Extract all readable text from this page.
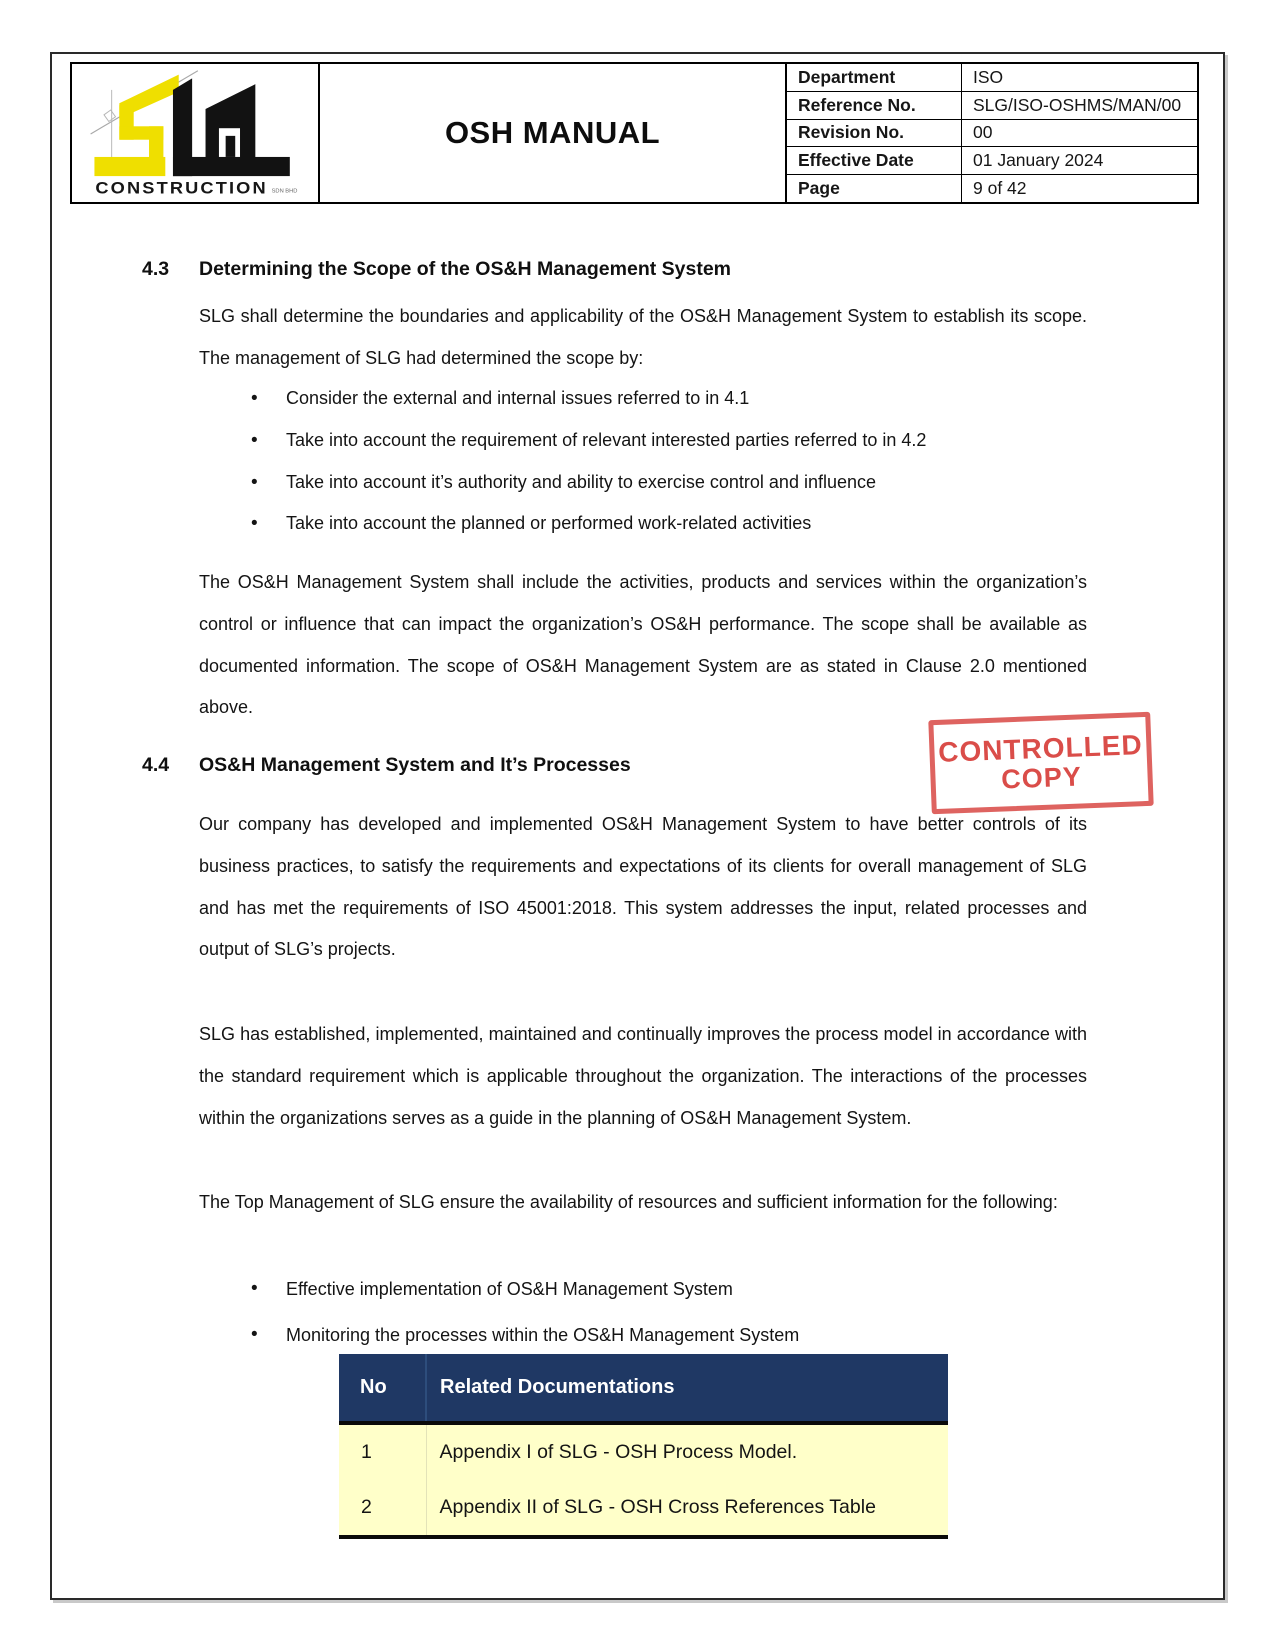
CONSTRUCTION SDN BHD
OSH MANUAL
Department	ISO
Reference No.	SLG/ISO-OSHMS/MAN/00
Revision No.	00
Effective Date	01 January 2024
Page	9 of 42
4.3	Determining the Scope of the OS&H Management System
SLG shall determine the boundaries and applicability of the OS&H Management System to establish its scope. The management of SLG had determined the scope by:
• Consider the external and internal issues referred to in 4.1
• Take into account the requirement of relevant interested parties referred to in 4.2
• Take into account it’s authority and ability to exercise control and influence
• Take into account the planned or performed work-related activities
The OS&H Management System shall include the activities, products and services within the organization’s control or influence that can impact the organization’s OS&H performance. The scope shall be available as documented information. The scope of OS&H Management System are as stated in Clause 2.0 mentioned above.
CONTROLLED
COPY
4.4	OS&H Management System and It’s Processes
Our company has developed and implemented OS&H Management System to have better controls of its business practices, to satisfy the requirements and expectations of its clients for overall management of SLG and has met the requirements of ISO 45001:2018. This system addresses the input, related processes and output of SLG’s projects.
SLG has established, implemented, maintained and continually improves the process model in accordance with the standard requirement which is applicable throughout the organization. The interactions of the processes within the organizations serves as a guide in the planning of OS&H Management System.
The Top Management of SLG ensure the availability of resources and sufficient information for the following:
• Effective implementation of OS&H Management System
• Monitoring the processes within the OS&H Management System
No	Related Documentations
1	Appendix I of SLG - OSH Process Model.
2	Appendix II of SLG - OSH Cross References Table
